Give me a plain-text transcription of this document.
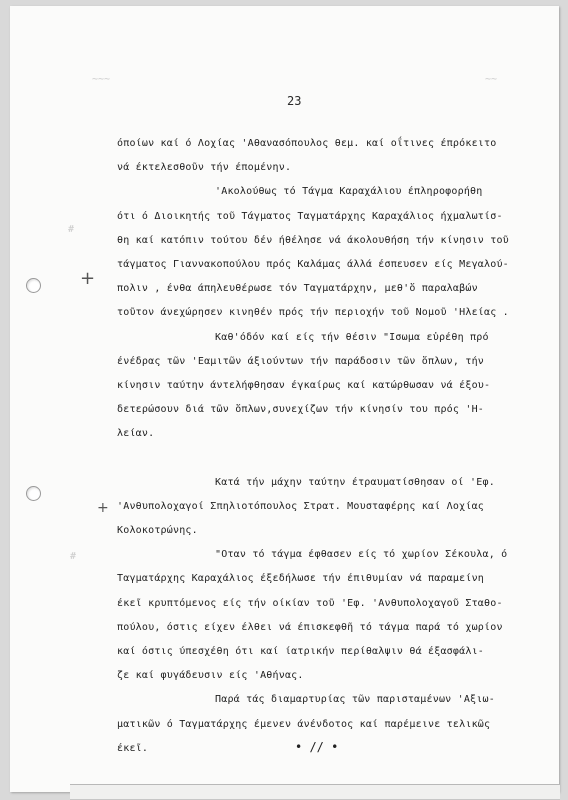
~~~	~~
#
#
23
+
+
όποίων καί ό Λοχίας 'Αθανασόπουλος θεμ. καί οΐτινες έπρόκειτο
νά έκτελεσθοῦν τήν έπομένην.
'Ακολούθως τό Τάγμα Καραχάλιου έπληροφορήθη
ότι ό Διοικητής τοῦ Τάγματος Ταγματάρχης Καραχάλιος ήχμαλωτίσ-
θη καί κατόπιν τούτου δέν ήθέλησε νά άκολουθήση τήν κίνησιν τοῦ
τάγματος Γιαννακοπούλου πρός Καλάμας άλλά έσπευσεν είς Μεγαλού-
πολιν , ένθα άπηλευθέρωσε τόν Ταγματάρχην, μεθ'ὅ παραλαβών
τοῦτον άνεχώρησεν κινηθέν πρός τήν περιοχήν τοῦ Νομοῦ 'Ηλείας .
Καθ'όδόν καί είς τήν θέσιν "Ισωμα εὑρέθη πρό
ένέδρας τῶν 'Εαμιτῶν άξιούντων τήν παράδοσιν τῶν ὅπλων, τήν
κίνησιν ταύτην άντελήφθησαν έγκαίρως καί κατώρθωσαν νά έξου-
δετερώσουν διά τῶν ὅπλων,συνεχίζων τήν κίνησίν του πρός 'Η-
λείαν.
Κατά τήν μάχην ταύτην έτραυματίσθησαν οί 'Εφ.
'Ανθυπολοχαγοί Σπηλιοτόπουλος Στρατ. Μουσταφέρης καί Λοχίας
Κολοκοτρώνης.
"Οταν τό τάγμα έφθασεν είς τό χωρίον Σέκουλα, ό
Ταγματάρχης Καραχάλιος έξεδήλωσε τήν έπιθυμίαν νά παραμείνη
έκεῖ κρυπτόμενος είς τήν οίκίαν τοῦ 'Εφ. 'Ανθυπολοχαγοῦ Σταθο-
πούλου, όστις είχεν έλθει νά έπισκεφθῆ τό τάγμα παρά τό χωρίον
καί όστις ύπεσχέθη ότι καί ίατρικήν περίθαλψιν θά έξασφάλι-
ζε καί φυγάδευσιν είς 'Αθήνας.
Παρά τάς διαμαρτυρίας τῶν παρισταμένων 'Αξιω-
ματικῶν ό Ταγματάρχης έμενεν άνένδοτος καί παρέμεινε τελικῶς
έκεῖ.	• // •
